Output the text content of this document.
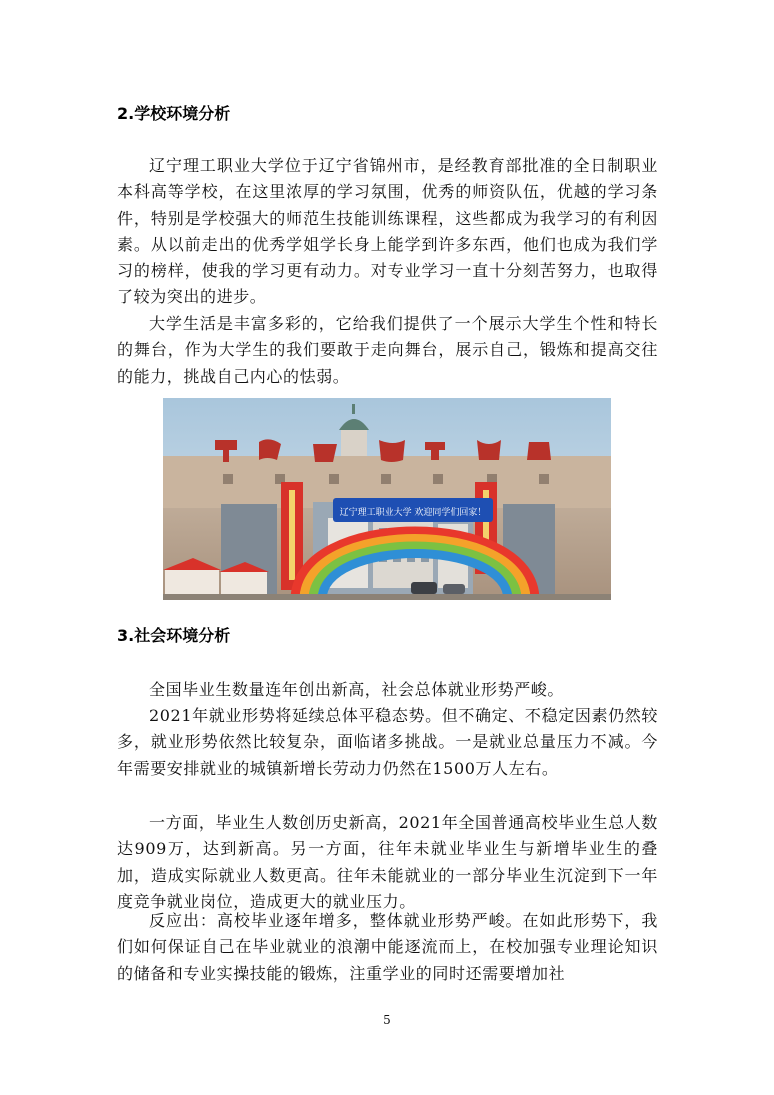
2.学校环境分析

辽宁理工职业大学位于辽宁省锦州市，是经教育部批准的全日制职业本科高等学校，在这里浓厚的学习氛围，优秀的师资队伍，优越的学习条件，特别是学校强大的师范生技能训练课程，这些都成为我学习的有利因素。从以前走出的优秀学姐学长身上能学到许多东西，他们也成为我们学习的榜样，使我的学习更有动力。对专业学习一直十分刻苦努力，也取得了较为突出的进步。

大学生活是丰富多彩的，它给我们提供了一个展示大学生个性和特长的舞台，作为大学生的我们要敢于走向舞台，展示自己，锻炼和提高交往的能力，挑战自己内心的怯弱。

辽宁理工职业大学 欢迎同学们回家！
3.社会环境分析

全国毕业生数量连年创出新高，社会总体就业形势严峻。

2021年就业形势将延续总体平稳态势。但不确定、不稳定因素仍然较多，就业形势依然比较复杂，面临诸多挑战。一是就业总量压力不减。今年需要安排就业的城镇新增长劳动力仍然在1500万人左右。

一方面，毕业生人数创历史新高，2021年全国普通高校毕业生总人数达909万，达到新高。另一方面，往年未就业毕业生与新增毕业生的叠加，造成实际就业人数更高。往年未能就业的一部分毕业生沉淀到下一年度竞争就业岗位，造成更大的就业压力。

反应出：高校毕业逐年增多，整体就业形势严峻。在如此形势下，我们如何保证自己在毕业就业的浪潮中能逐流而上，在校加强专业理论知识的储备和专业实操技能的锻炼，注重学业的同时还需要增加社

5
